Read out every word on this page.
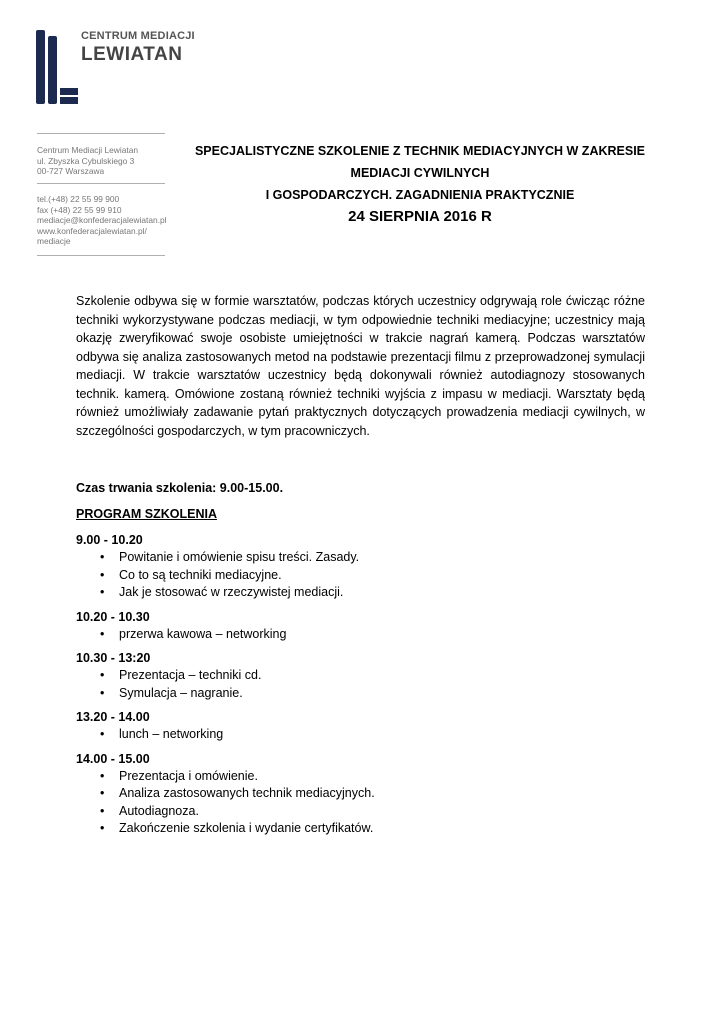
CENTRUM MEDIACJI
LEWIATAN
Centrum Mediacji Lewiatan
ul. Zbyszka Cybulskiego 3
00-727 Warszawa
tel.(+48) 22 55 99 900
fax (+48) 22 55 99 910
mediacje@konfederacjalewiatan.pl
www.konfederacjalewiatan.pl/
mediacje
SPECJALISTYCZNE SZKOLENIE Z TECHNIK MEDIACYJNYCH W ZAKRESIE
MEDIACJI CYWILNYCH
I GOSPODARCZYCH. ZAGADNIENIA PRAKTYCZNIE
24 SIERPNIA 2016 R

Szkolenie odbywa się w formie warsztatów, podczas których uczestnicy odgrywają role ćwicząc różne techniki wykorzystywane podczas mediacji, w tym odpowiednie techniki mediacyjne; uczestnicy mają okazję zweryfikować swoje osobiste umiejętności w trakcie nagrań kamerą. Podczas warsztatów odbywa się analiza zastosowanych metod na podstawie prezentacji filmu z przeprowadzonej symulacji mediacji. W trakcie warsztatów uczestnicy będą dokonywali również autodiagnozy stosowanych technik. kamerą. Omówione zostaną również techniki wyjścia z impasu w mediacji. Warsztaty będą również umożliwiały zadawanie pytań praktycznych dotyczących prowadzenia mediacji cywilnych, w szczególności gospodarczych, w tym pracowniczych.

Czas trwania szkolenia: 9.00-15.00.
PROGRAM SZKOLENIA

9.00 - 10.20

• Powitanie i omówienie spisu treści. Zasady.
• Co to są techniki mediacyjne.
• Jak je stosować w rzeczywistej mediacji.

10.20 - 10.30

• przerwa kawowa – networking

10.30 - 13:20

• Prezentacja – techniki cd.
• Symulacja – nagranie.

13.20 - 14.00

• lunch – networking

14.00 - 15.00

• Prezentacja i omówienie.
• Analiza zastosowanych technik mediacyjnych.
• Autodiagnoza.
• Zakończenie szkolenia i wydanie certyfikatów.
